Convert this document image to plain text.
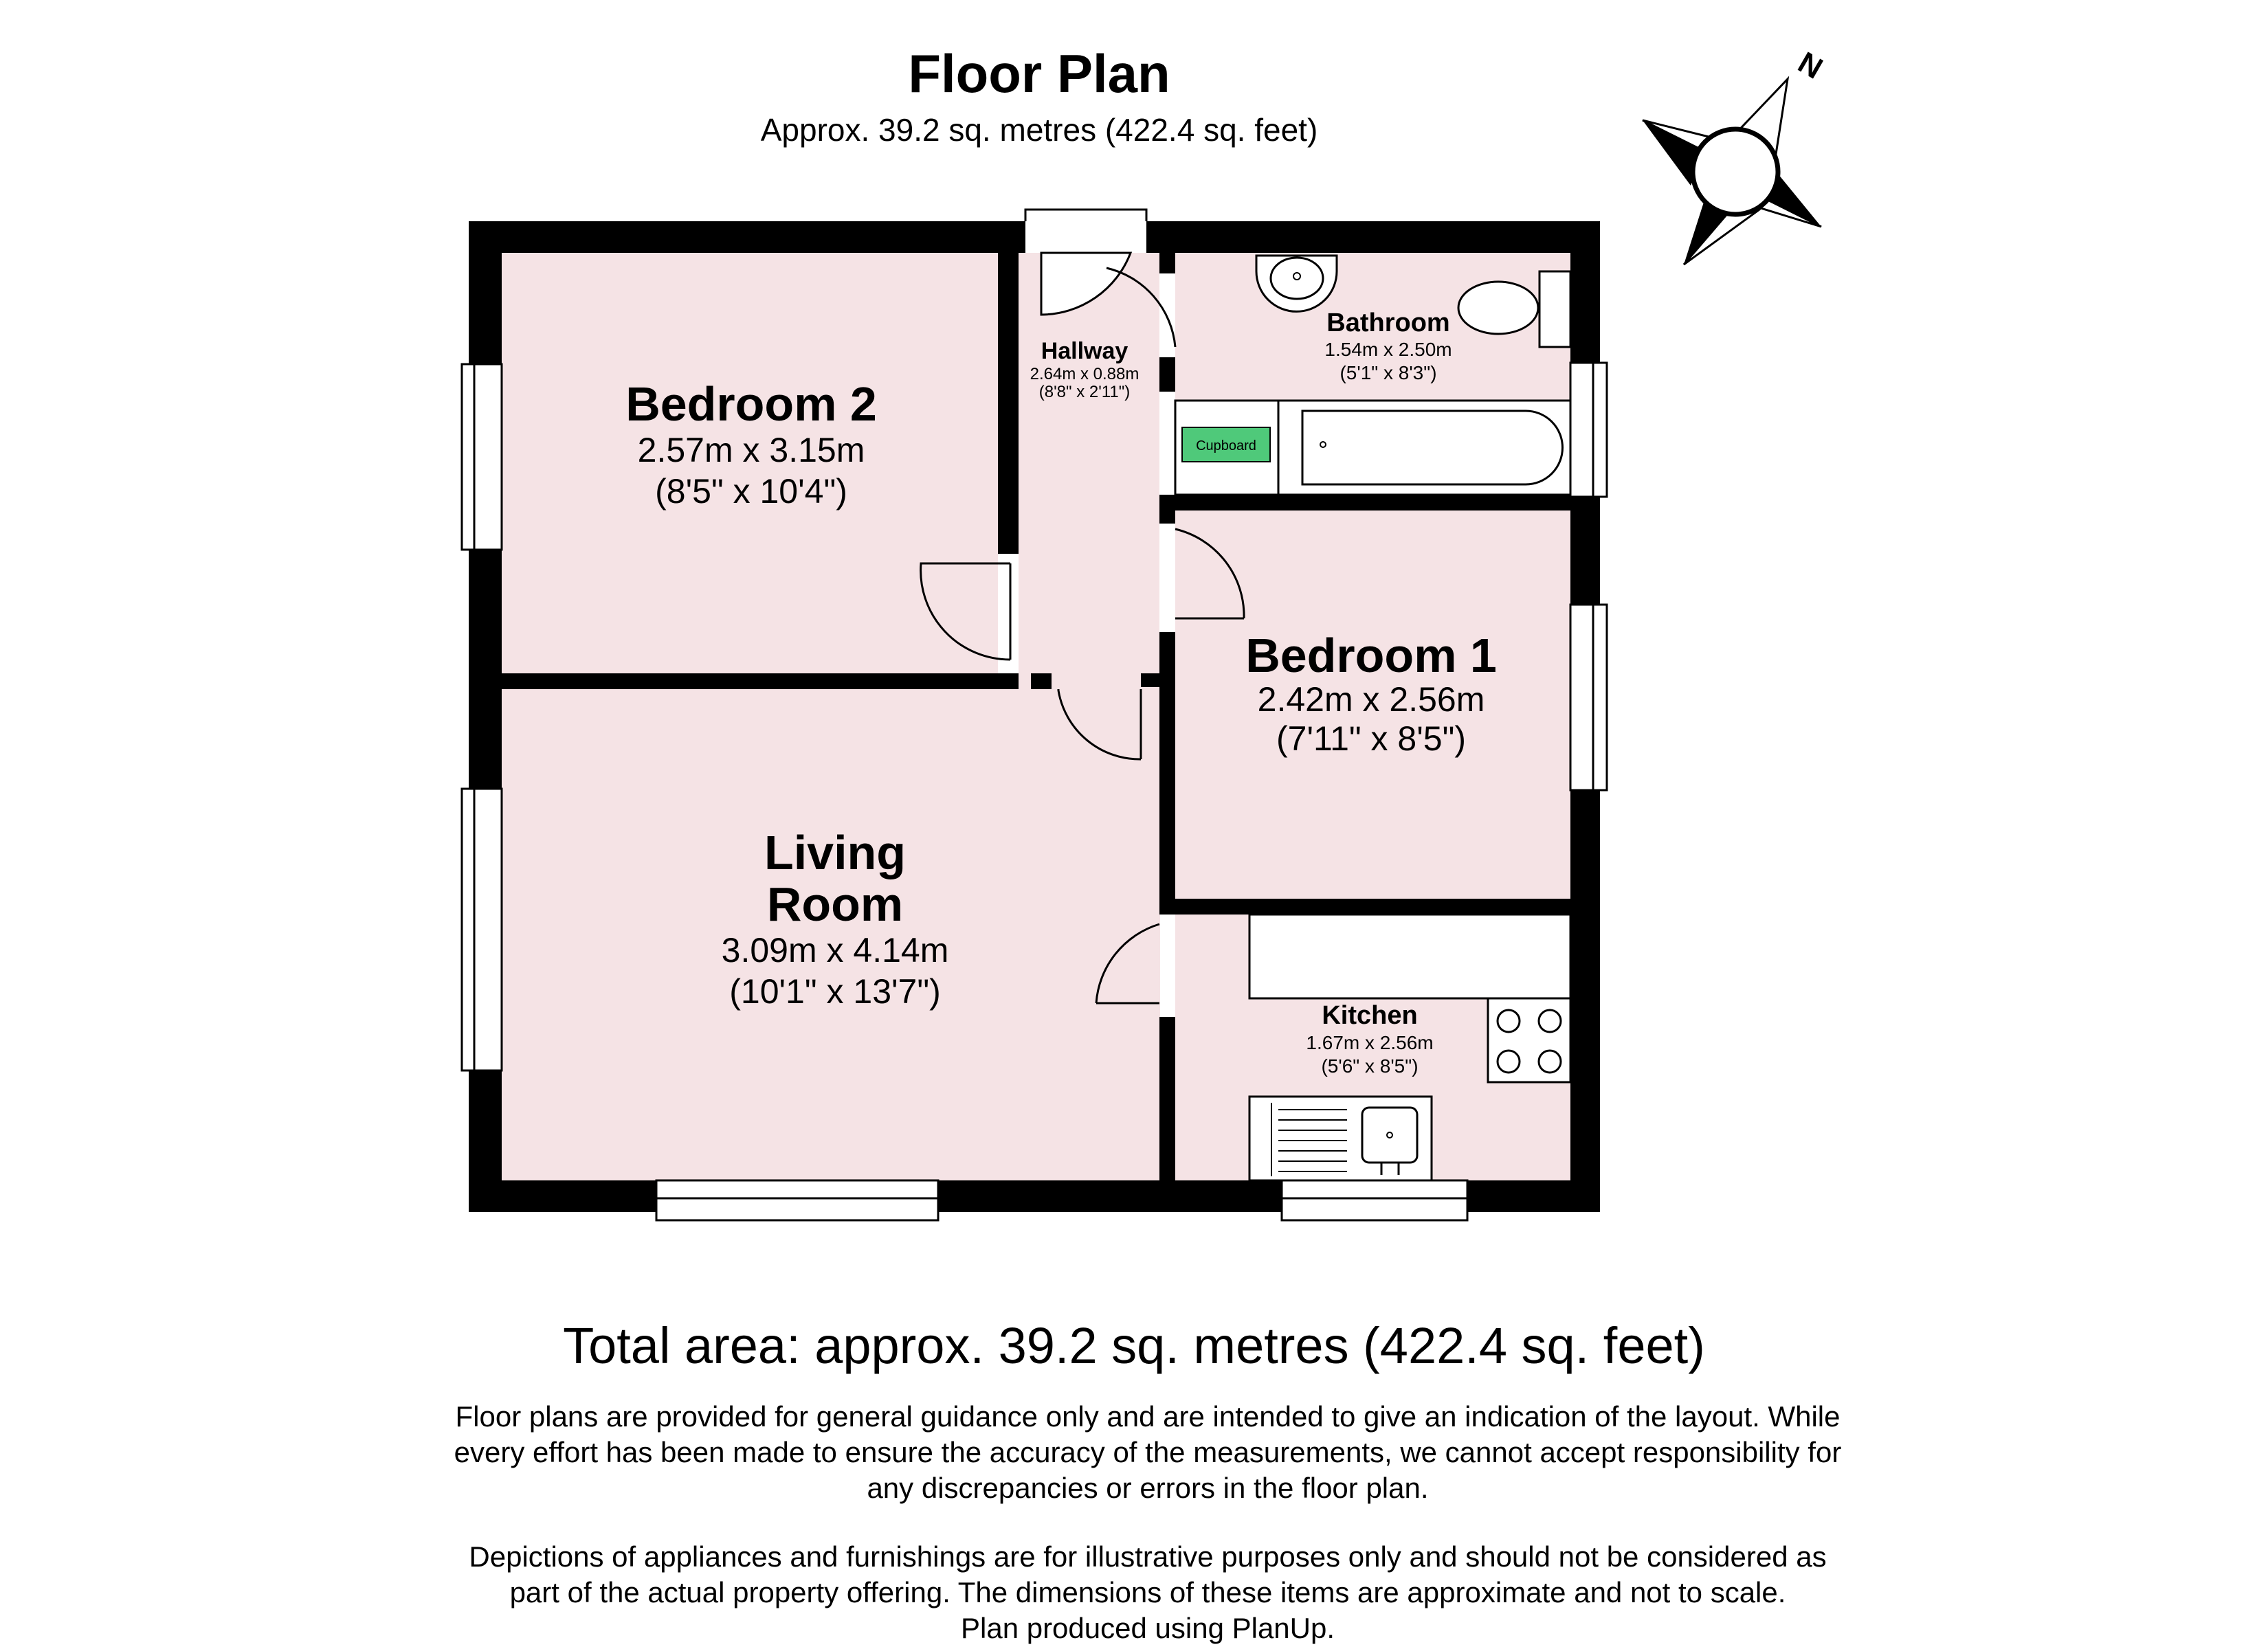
Floor Plan
Approx. 39.2 sq. metres (422.4 sq. feet)
N
Cupboard
Bedroom 2
2.57m x 3.15m
(8'5" x 10'4")
Hallway
2.64m x 0.88m
(8'8" x 2'11")
Bathroom
1.54m x 2.50m
(5'1" x 8'3")
Bedroom 1
2.42m x 2.56m
(7'11" x 8'5")
Living
Room
3.09m x 4.14m
(10'1" x 13'7")
Kitchen
1.67m x 2.56m
(5'6" x 8'5")
Total area: approx. 39.2 sq. metres (422.4 sq. feet)
Floor plans are provided for general guidance only and are intended to give an indication of the layout. While
every effort has been made to ensure the accuracy of the measurements, we cannot accept responsibility for
any discrepancies or errors in the floor plan.
Depictions of appliances and furnishings are for illustrative purposes only and should not be considered as
part of the actual property offering. The dimensions of these items are approximate and not to scale.
Plan produced using PlanUp.
